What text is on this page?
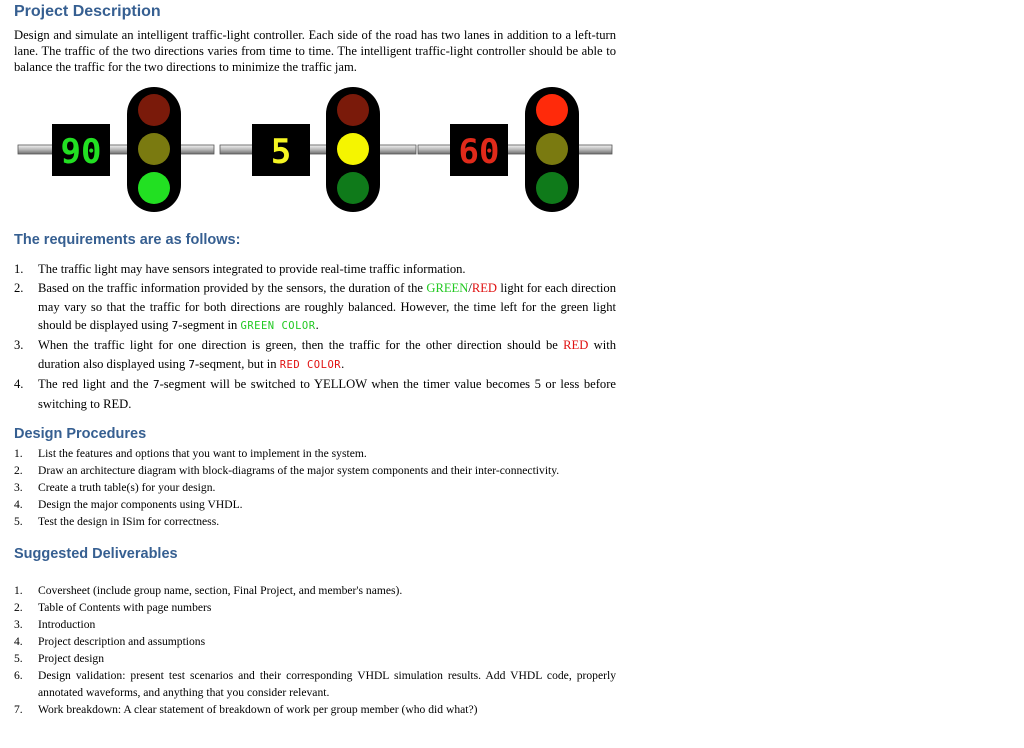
Project Description
Design and simulate an intelligent traffic-light controller. Each side of the road has two lanes in addition to a left-turn lane. The traffic of the two directions varies from time to time. The intelligent traffic-light controller should be able to balance the traffic for the two directions to minimize the traffic jam.
90	5	60
The requirements are as follows:
1. The traffic light may have sensors integrated to provide real-time traffic information.
2. Based on the traffic information provided by the sensors, the duration of the GREEN/RED light for each direction may vary so that the traffic for both directions are roughly balanced. However, the time left for the green light should be displayed using 7-segment in GREEN COLOR.
3. When the traffic light for one direction is green, then the traffic for the other direction should be RED with duration also displayed using 7-seqment, but in RED COLOR.
4. The red light and the 7-segment will be switched to YELLOW when the timer value becomes 5 or less before switching to RED.
Design Procedures
1. List the features and options that you want to implement in the system.
2. Draw an architecture diagram with block-diagrams of the major system components and their inter-connectivity.
3. Create a truth table(s) for your design.
4. Design the major components using VHDL.
5. Test the design in ISim for correctness.
Suggested Deliverables
1. Coversheet (include group name, section, Final Project, and member's names).
2. Table of Contents with page numbers
3. Introduction
4. Project description and assumptions
5. Project design
6. Design validation: present test scenarios and their corresponding VHDL simulation results. Add VHDL code, properly annotated waveforms, and anything that you consider relevant.
7. Work breakdown: A clear statement of breakdown of work per group member (who did what?)
